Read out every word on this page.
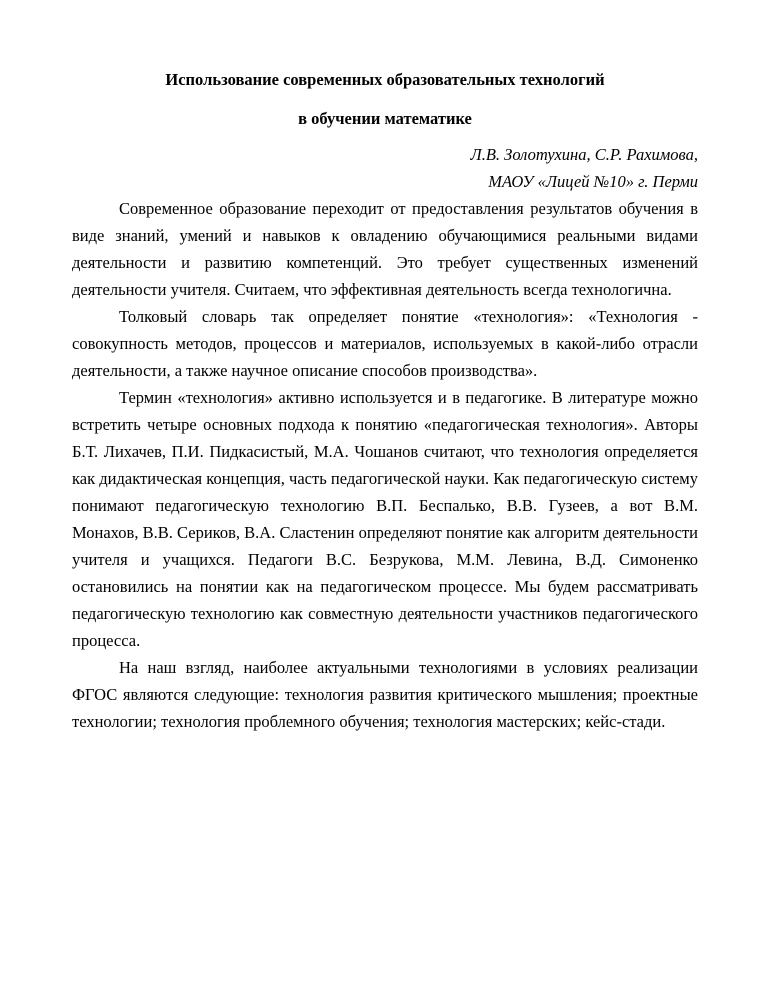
Использование современных образовательных технологий
в обучении математике
Л.В. Золотухина, С.Р. Рахимова,
МАОУ «Лицей №10» г. Перми

Современное образование переходит от предоставления результатов обучения в виде знаний, умений и навыков к овладению обучающимися реальными видами деятельности и развитию компетенций. Это требует существенных изменений деятельности учителя. Считаем, что эффективная деятельность всегда технологична.

Толковый словарь так определяет понятие «технология»: «Технология - совокупность методов, процессов и материалов, используемых в какой-либо отрасли деятельности, а также научное описание способов производства».

Термин «технология» активно используется и в педагогике. В литературе можно встретить четыре основных подхода к понятию «педагогическая технология». Авторы Б.Т. Лихачев, П.И. Пидкасистый, М.А. Чошанов считают, что технология определяется как дидактическая концепция, часть педагогической науки. Как педагогическую систему понимают педагогическую технологию В.П. Беспалько, В.В. Гузеев, а вот В.М. Монахов, В.В. Сериков, В.А. Сластенин определяют понятие как алгоритм деятельности учителя и учащихся. Педагоги В.С. Безрукова, М.М. Левина, В.Д. Симоненко остановились на понятии как на педагогическом процессе. Мы будем рассматривать педагогическую технологию как совместную деятельности участников педагогического процесса.

На наш взгляд, наиболее актуальными технологиями в условиях реализации ФГОС являются следующие: технология развития критического мышления; проектные технологии; технология проблемного обучения; технология мастерских; кейс-стади.
